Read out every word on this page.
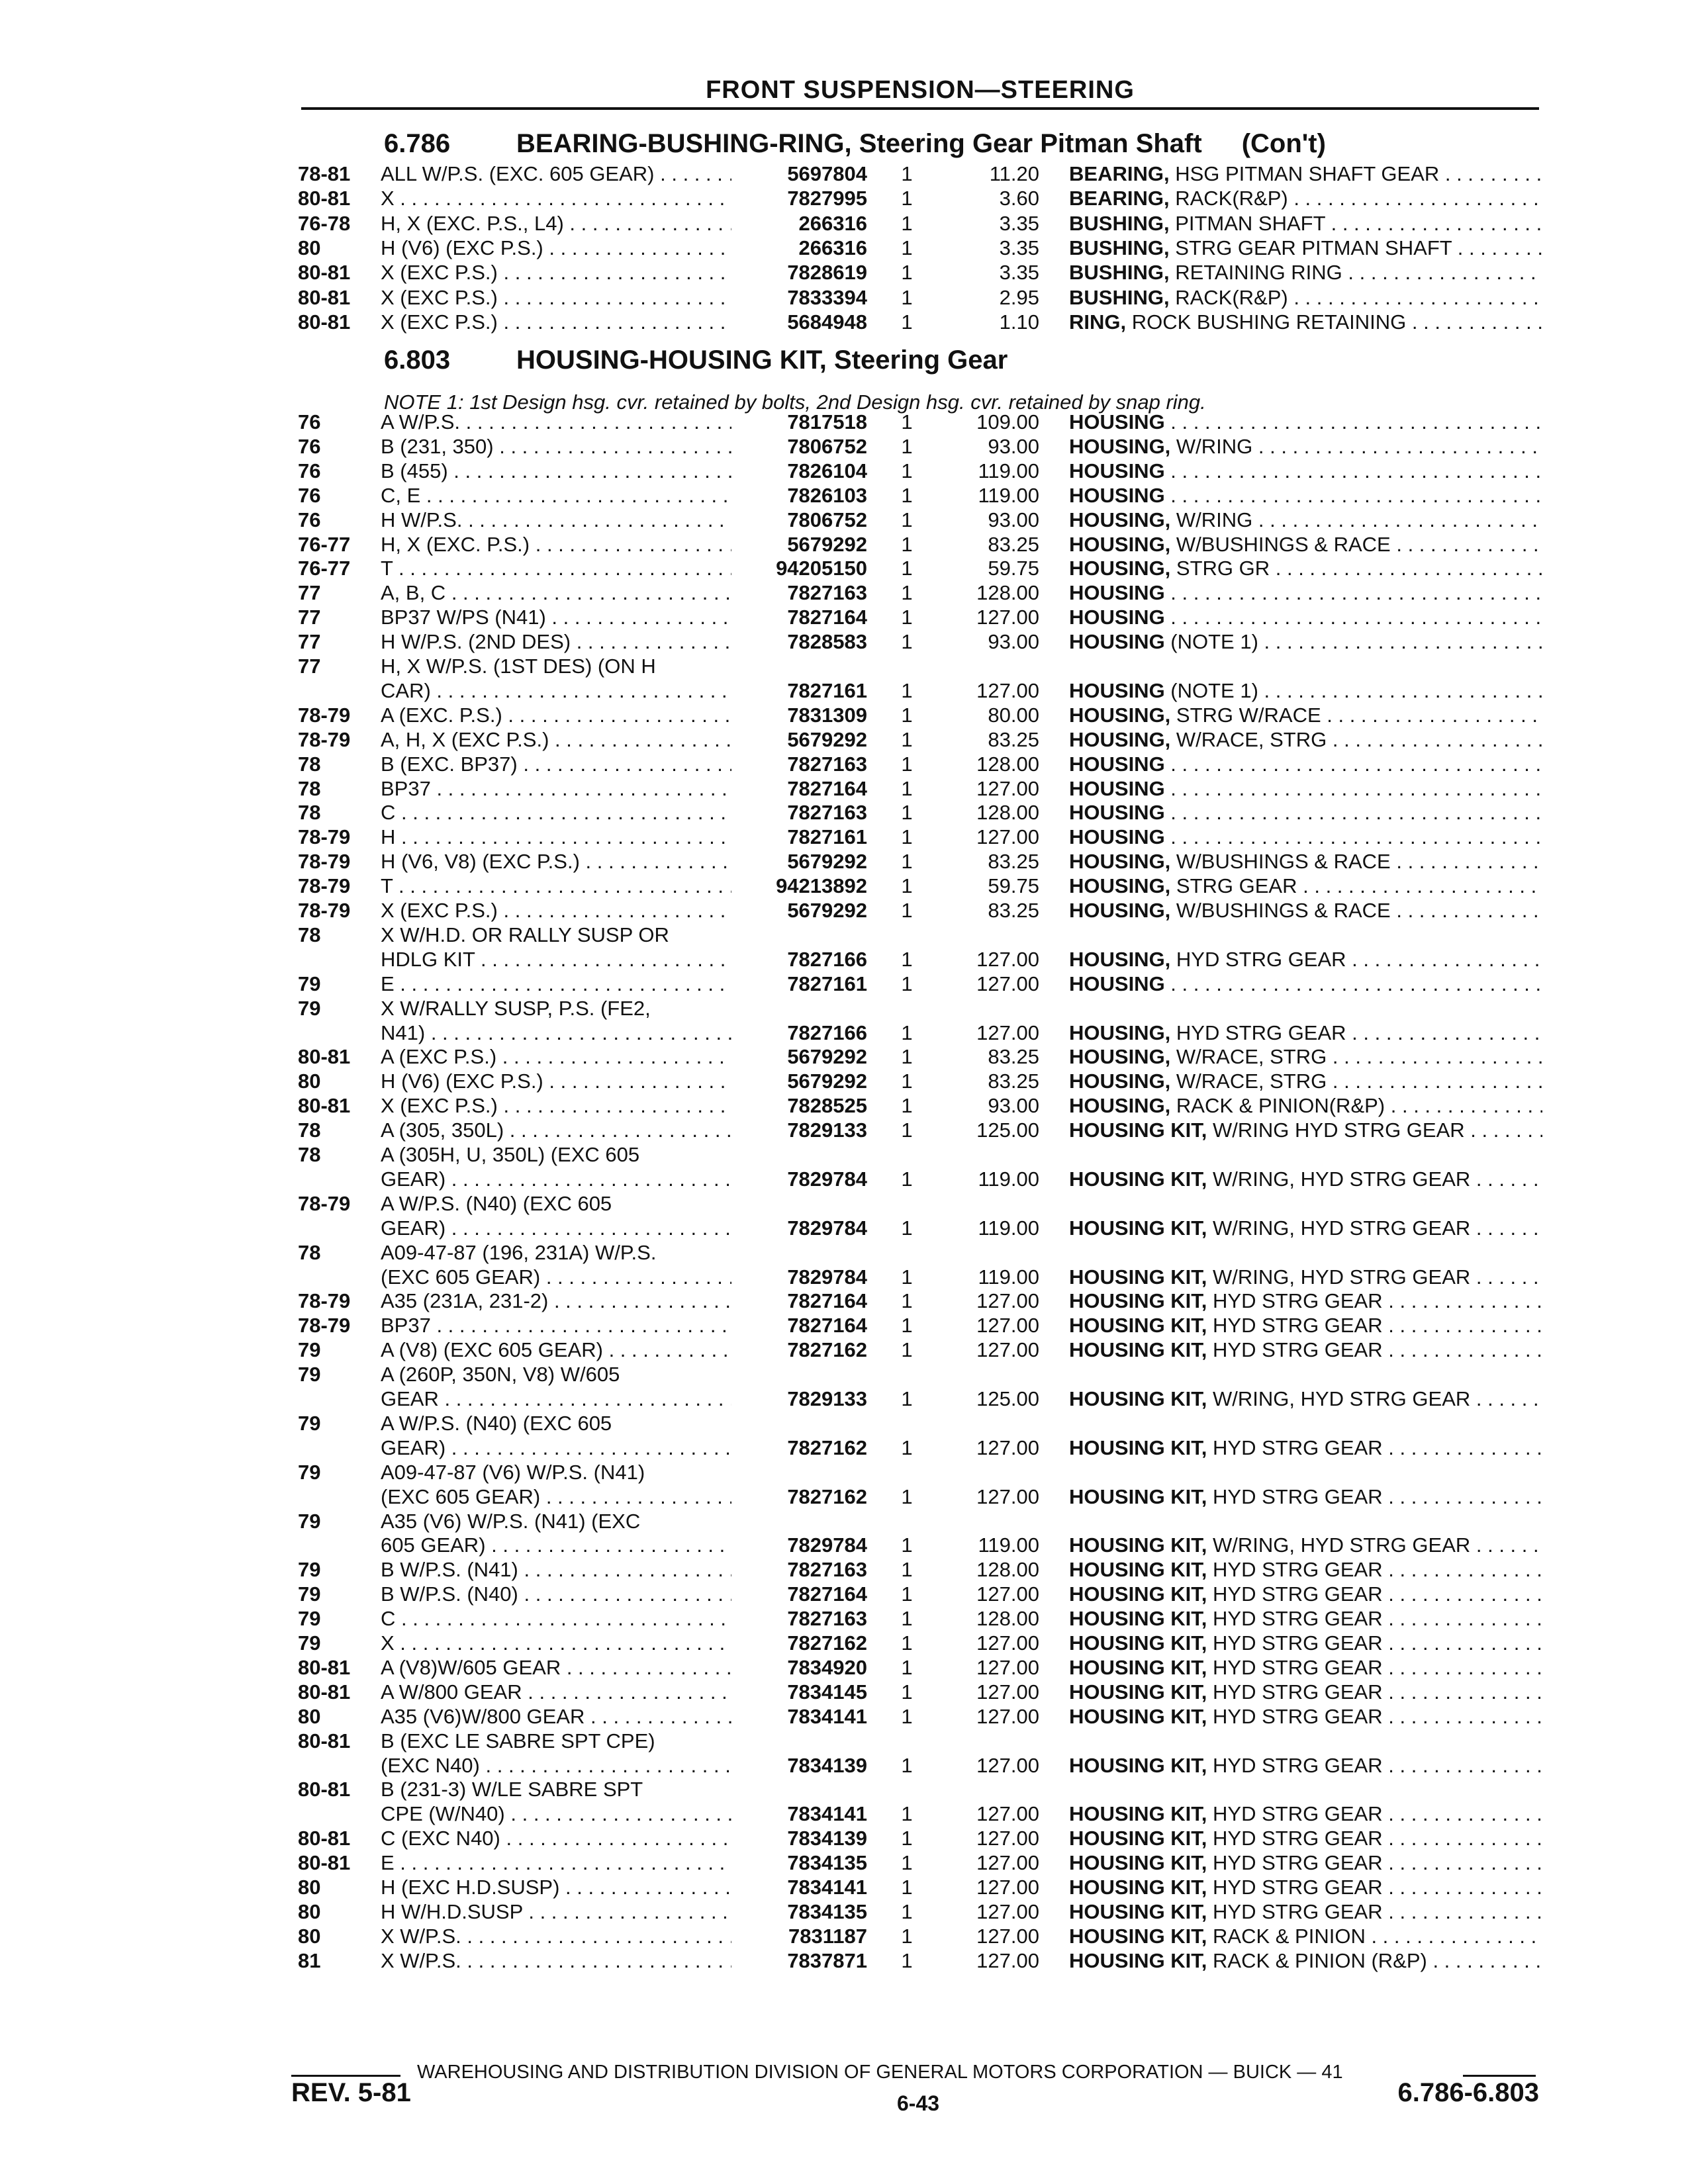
FRONT SUSPENSION—STEERING
6.786 BEARING-BUSHING-RING, Steering Gear Pitman Shaft (Con't)
78-81	ALL W/P.S. (EXC. 605 GEAR) . . .	5697804 1	11.20 BEARING, HSG PITMAN SHAFT GEAR . . .
80-81	X . . .	7827995 1	3.60 BEARING, RACK(R&P) . . .
76-78	H, X (EXC. P.S., L4) . . .	266316 1	3.35 BUSHING, PITMAN SHAFT . . .
80	H (V6) (EXC P.S.) . . .	266316 1	3.35 BUSHING, STRG GEAR PITMAN SHAFT . . .
80-81	X (EXC P.S.) . . .	7828619 1	3.35 BUSHING, RETAINING RING . . .
80-81	X (EXC P.S.) . . .	7833394 1	2.95 BUSHING, RACK(R&P) . . .
80-81	X (EXC P.S.) . . .	5684948 1	1.10 RING, ROCK BUSHING RETAINING . . .
6.803 HOUSING-HOUSING KIT, Steering Gear
NOTE 1: 1st Design hsg. cvr. retained by bolts, 2nd Design hsg. cvr. retained by snap ring.
76	A W/P.S. . . .	7817518 1	109.00 HOUSING . . .
76	B (231, 350) . . .	7806752 1	93.00 HOUSING, W/RING . . .
76	B (455) . . .	7826104 1	119.00 HOUSING . . .
76	C, E . . .	7826103 1	119.00 HOUSING . . .
76	H W/P.S. . . .	7806752 1	93.00 HOUSING, W/RING . . .
76-77	H, X (EXC. P.S.) . . .	5679292 1	83.25 HOUSING, W/BUSHINGS & RACE . . .
76-77	T . . .	94205150 1	59.75 HOUSING, STRG GR . . .
77	A, B, C . . .	7827163 1	128.00 HOUSING . . .
77	BP37 W/PS (N41) . . .	7827164 1	127.00 HOUSING . . .
77	H W/P.S. (2ND DES) . . .	7828583 1	93.00 HOUSING (NOTE 1) . . .
77	H, X W/P.S. (1ST DES) (ON H
CAR) . . .	7827161 1	127.00 HOUSING (NOTE 1) . . .
78-79	A (EXC. P.S.) . . .	7831309 1	80.00 HOUSING, STRG W/RACE . . .
78-79	A, H, X (EXC P.S.) . . .	5679292 1	83.25 HOUSING, W/RACE, STRG . . .
78	B (EXC. BP37) . . .	7827163 1	128.00 HOUSING . . .
78	BP37 . . .	7827164 1	127.00 HOUSING . . .
78	C . . .	7827163 1	128.00 HOUSING . . .
78-79	H . . .	7827161 1	127.00 HOUSING . . .
78-79	H (V6, V8) (EXC P.S.) . . .	5679292 1	83.25 HOUSING, W/BUSHINGS & RACE . . .
78-79	T . . .	94213892 1	59.75 HOUSING, STRG GEAR . . .
78-79	X (EXC P.S.) . . .	5679292 1	83.25 HOUSING, W/BUSHINGS & RACE . . .
78	X W/H.D. OR RALLY SUSP OR
HDLG KIT . . .	7827166 1	127.00 HOUSING, HYD STRG GEAR . . .
79	E . . .	7827161 1	127.00 HOUSING . . .
79	X W/RALLY SUSP, P.S. (FE2,
N41) . . .	7827166 1	127.00 HOUSING, HYD STRG GEAR . . .
80-81	A (EXC P.S.) . . .	5679292 1	83.25 HOUSING, W/RACE, STRG . . .
80	H (V6) (EXC P.S.) . . .	5679292 1	83.25 HOUSING, W/RACE, STRG . . .
80-81	X (EXC P.S.) . . .	7828525 1	93.00 HOUSING, RACK & PINION(R&P) . . .
78	A (305, 350L) . . .	7829133 1	125.00 HOUSING KIT, W/RING HYD STRG GEAR . . . .
78	A (305H, U, 350L) (EXC 605
GEAR) . . .	7829784 1	119.00 HOUSING KIT, W/RING, HYD STRG GEAR . . .
78-79	A W/P.S. (N40) (EXC 605
GEAR) . . .	7829784 1	119.00 HOUSING KIT, W/RING, HYD STRG GEAR . . .
78	A09-47-87 (196, 231A) W/P.S.
(EXC 605 GEAR) . . .	7829784 1	119.00 HOUSING KIT, W/RING, HYD STRG GEAR . . .
78-79	A35 (231A, 231-2) . . .	7827164 1	127.00 HOUSING KIT, HYD STRG GEAR . . .
78-79	BP37 . . .	7827164 1	127.00 HOUSING KIT, HYD STRG GEAR . . .
79	A (V8) (EXC 605 GEAR) . . .	7827162 1	127.00 HOUSING KIT, HYD STRG GEAR . . .
79	A (260P, 350N, V8) W/605
GEAR . . .	7829133 1	125.00 HOUSING KIT, W/RING, HYD STRG GEAR . . .
79	A W/P.S. (N40) (EXC 605
GEAR) . . .	7827162 1	127.00 HOUSING KIT, HYD STRG GEAR . . .
79	A09-47-87 (V6) W/P.S. (N41)
(EXC 605 GEAR) . . .	7827162 1	127.00 HOUSING KIT, HYD STRG GEAR . . .
79	A35 (V6) W/P.S. (N41) (EXC
605 GEAR) . . .	7829784 1	119.00 HOUSING KIT, W/RING, HYD STRG GEAR . . .
79	B W/P.S. (N41) . . .	7827163 1	128.00 HOUSING KIT, HYD STRG GEAR . . .
79	B W/P.S. (N40) . . .	7827164 1	127.00 HOUSING KIT, HYD STRG GEAR . . .
79	C . . .	7827163 1	128.00 HOUSING KIT, HYD STRG GEAR . . .
79	X . . .	7827162 1	127.00 HOUSING KIT, HYD STRG GEAR . . .
80-81	A (V8)W/605 GEAR . . .	7834920 1	127.00 HOUSING KIT, HYD STRG GEAR . . .
80-81	A W/800 GEAR . . .	7834145 1	127.00 HOUSING KIT, HYD STRG GEAR . . .
80	A35 (V6)W/800 GEAR . . .	7834141 1	127.00 HOUSING KIT, HYD STRG GEAR . . .
80-81	B (EXC LE SABRE SPT CPE)
(EXC N40) . . .	7834139 1	127.00 HOUSING KIT, HYD STRG GEAR . . .
80-81	B (231-3) W/LE SABRE SPT
CPE (W/N40) . . .	7834141 1	127.00 HOUSING KIT, HYD STRG GEAR . . .
80-81	C (EXC N40) . . .	7834139 1	127.00 HOUSING KIT, HYD STRG GEAR . . .
80-81	E . . .	7834135 1	127.00 HOUSING KIT, HYD STRG GEAR . . .
80	H (EXC H.D.SUSP) . . .	7834141 1	127.00 HOUSING KIT, HYD STRG GEAR . . .
80	H W/H.D.SUSP . . .	7834135 1	127.00 HOUSING KIT, HYD STRG GEAR . . .
80	X W/P.S. . . .	7831187 1	127.00 HOUSING KIT, RACK & PINION . . .
81	X W/P.S. . . .	7837871 1	127.00 HOUSING KIT, RACK & PINION (R&P) . . .
WAREHOUSING AND DISTRIBUTION DIVISION OF GENERAL MOTORS CORPORATION — BUICK — 41
REV. 5-81	6-43	6.786-6.803
